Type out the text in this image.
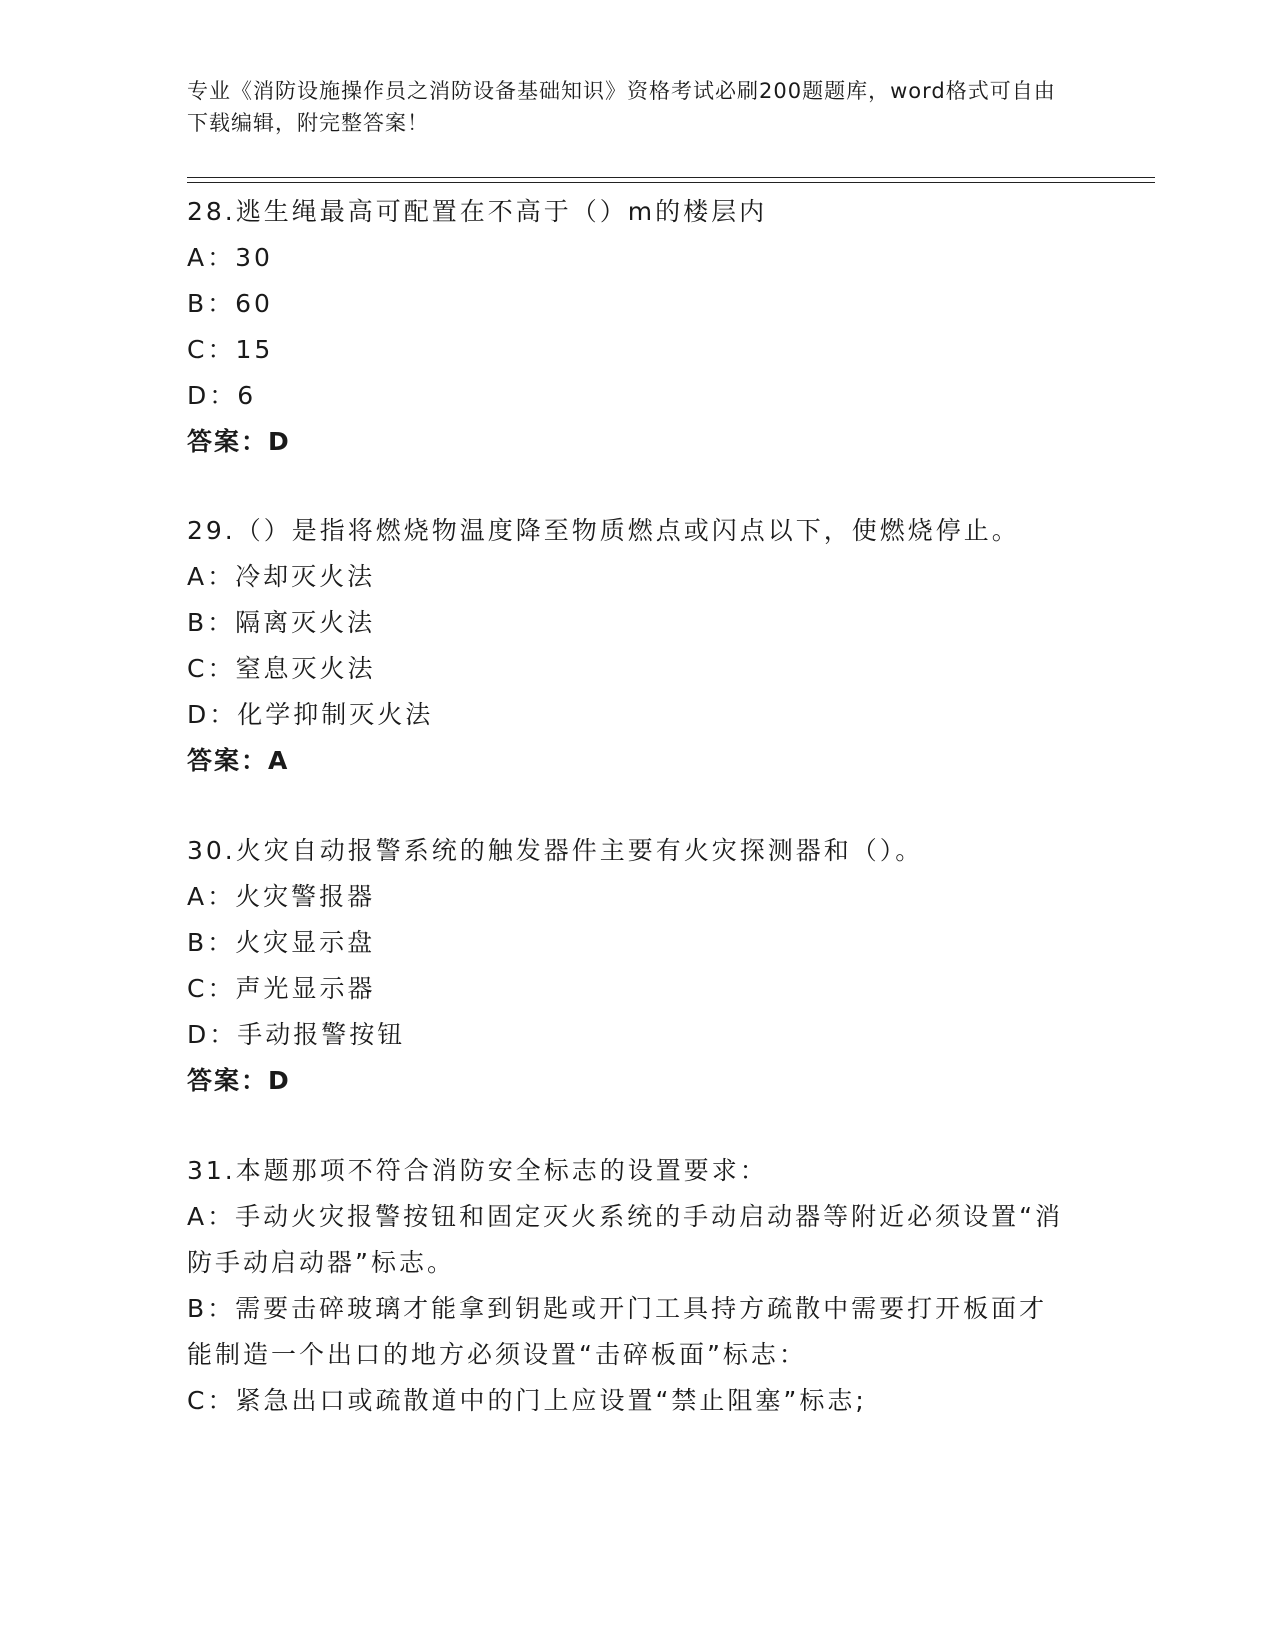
专业《消防设施操作员之消防设备基础知识》资格考试必刷200题题库，word格式可自由下载编辑，附完整答案！
28.逃生绳最高可配置在不高于（）m的楼层内
A：30
B：60
C：15
D：6
答案：D
29.（）是指将燃烧物温度降至物质燃点或闪点以下，使燃烧停止。
A：冷却灭火法
B：隔离灭火法
C：窒息灭火法
D：化学抑制灭火法
答案：A
30.火灾自动报警系统的触发器件主要有火灾探测器和（）。
A：火灾警报器
B：火灾显示盘
C：声光显示器
D：手动报警按钮
答案：D
31.本题那项不符合消防安全标志的设置要求：
A：手动火灾报警按钮和固定灭火系统的手动启动器等附近必须设置“消防手动启动器”标志。
B：需要击碎玻璃才能拿到钥匙或开门工具持方疏散中需要打开板面才能制造一个出口的地方必须设置“击碎板面”标志：
C：紧急出口或疏散道中的门上应设置“禁止阻塞”标志;
